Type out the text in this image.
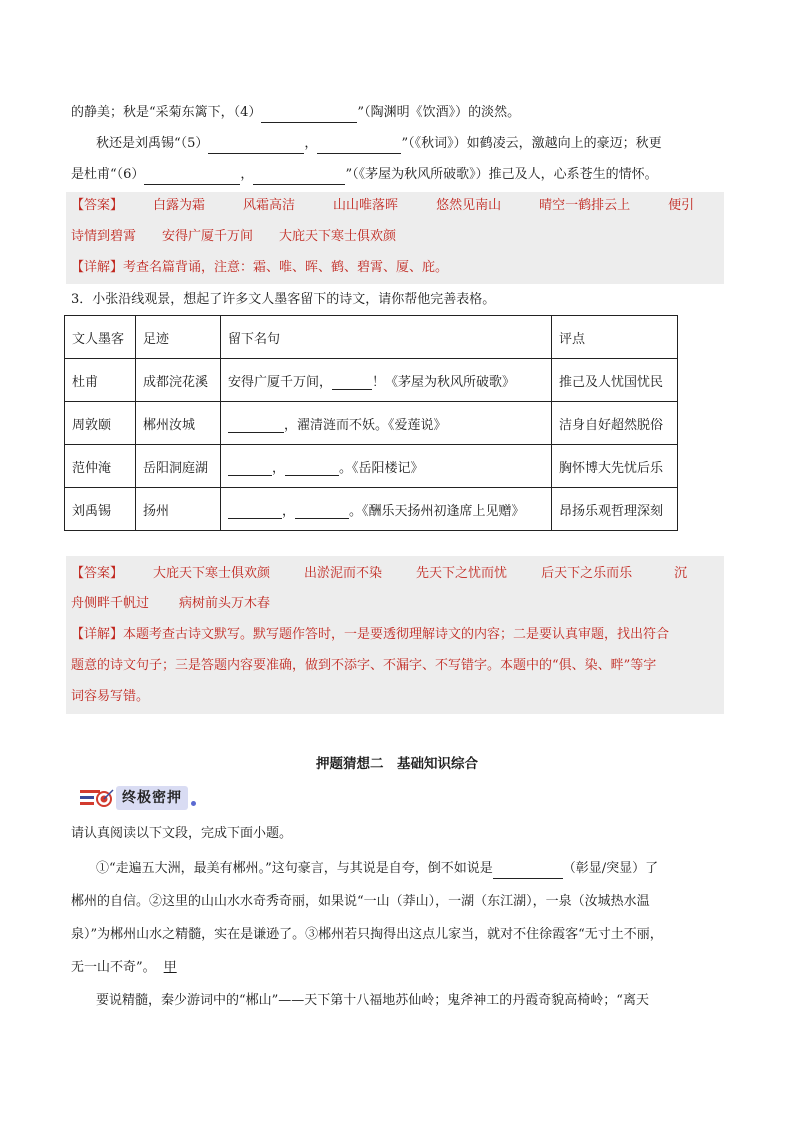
的静美；秋是“采菊东篱下，（4）	”（陶渊明《饮酒》）的淡然。
秋还是刘禹锡“（5）	，	”（《秋词》）如鹤凌云，激越向上的豪迈；秋更
是杜甫“（6）	，	”（《茅屋为秋风所破歌》）推己及人，心系苍生的情怀。
【答案】 白露为霜	风霜高洁	山山唯落晖	悠然见南山	晴空一鹤排云上	便引
诗情到碧霄 安得广厦千万间 大庇天下寒士俱欢颜
【详解】考查名篇背诵，注意：霜、唯、晖、鹤、碧霄、厦、庇。
3．小张沿线观景，想起了许多文人墨客留下的诗文，请你帮他完善表格。
文人墨客	足迹	留下名句	评点
杜甫	成都浣花溪	安得广厦千万间， ！《茅屋为秋风所破歌》	推己及人忧国忧民
周敦颐	郴州汝城	，濯清涟而不妖。《爱莲说》	洁身自好超然脱俗
范仲淹	岳阳洞庭湖	， 。《岳阳楼记》	胸怀博大先忧后乐
刘禹锡	扬州	， 。《酬乐天扬州初逢席上见赠》	昂扬乐观哲理深刻
【答案】 大庇天下寒士俱欢颜	出淤泥而不染	先天下之忧而忧	后天下之乐而乐	沉
舟侧畔千帆过 病树前头万木春
【详解】本题考查古诗文默写。默写题作答时，一是要透彻理解诗文的内容；二是要认真审题，找出符合
题意的诗文句子；三是答题内容要准确，做到不添字、不漏字、不写错字。本题中的“俱、染、畔”等字
词容易写错。
押题猜想二　基础知识综合
终极密押
请认真阅读以下文段，完成下面小题。
①“走遍五大洲，最美有郴州。”这句豪言，与其说是自夸，倒不如说是	（彰显/突显）了
郴州的自信。②这里的山山水水奇秀奇丽，如果说“一山（莽山），一湖（东江湖），一泉（汝城热水温
泉）”为郴州山水之精髓，实在是谦逊了。③郴州若只掏得出这点儿家当，就对不住徐霞客“无寸土不丽，
无一山不奇”。 甲
要说精髓，秦少游词中的“郴山”——天下第十八福地苏仙岭；鬼斧神工的丹霞奇貌高椅岭；“离天
